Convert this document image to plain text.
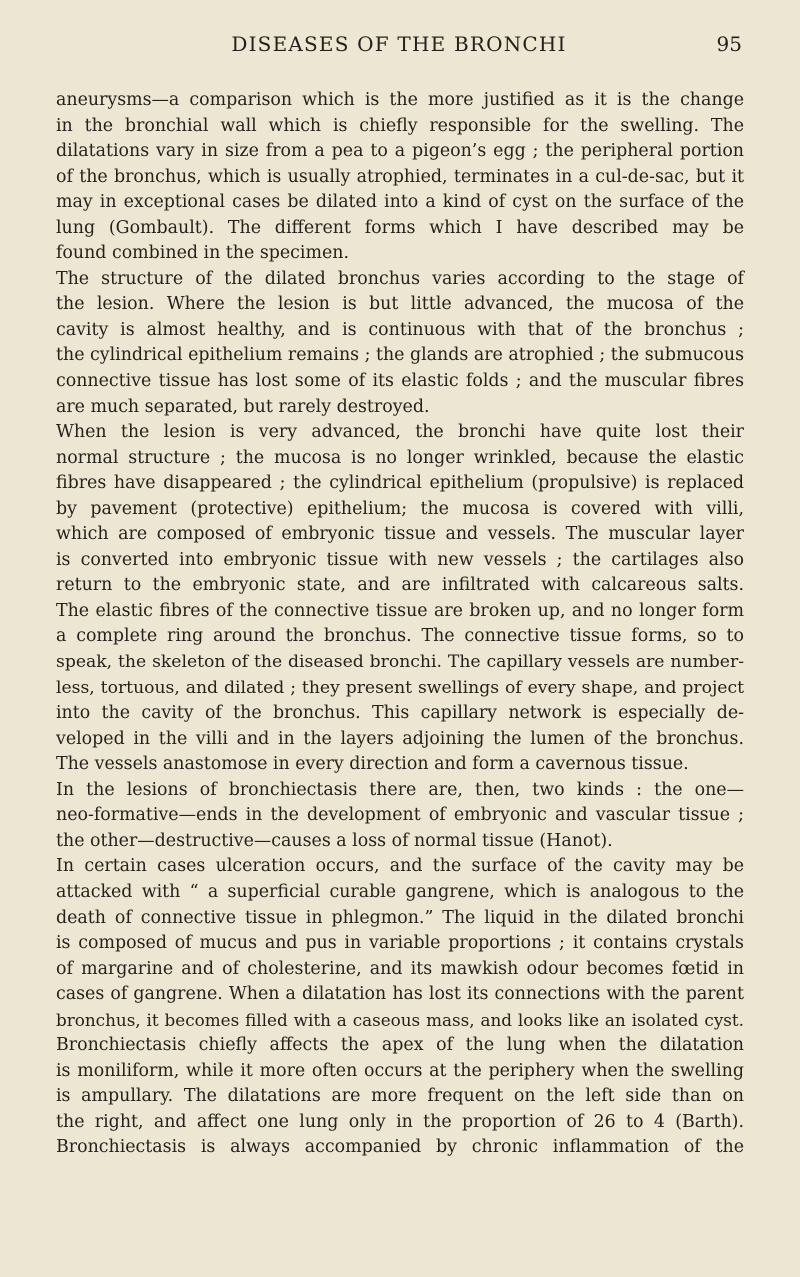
DISEASES OF THE BRONCHI	95
aneurysms—a comparison which is the more justified as it is the change
in the bronchial wall which is chiefly responsible for the swelling. The
dilatations vary in size from a pea to a pigeon’s egg ; the peripheral portion
of the bronchus, which is usually atrophied, terminates in a cul-de-sac, but it
may in exceptional cases be dilated into a kind of cyst on the surface of the
lung (Gombault). The different forms which I have described may be
found combined in the specimen.
The structure of the dilated bronchus varies according to the stage of
the lesion. Where the lesion is but little advanced, the mucosa of the
cavity is almost healthy, and is continuous with that of the bronchus ;
the cylindrical epithelium remains ; the glands are atrophied ; the submucous
connective tissue has lost some of its elastic folds ; and the muscular fibres
are much separated, but rarely destroyed.
When the lesion is very advanced, the bronchi have quite lost their
normal structure ; the mucosa is no longer wrinkled, because the elastic
fibres have disappeared ; the cylindrical epithelium (propulsive) is replaced
by pavement (protective) epithelium; the mucosa is covered with villi,
which are composed of embryonic tissue and vessels. The muscular layer
is converted into embryonic tissue with new vessels ; the cartilages also
return to the embryonic state, and are infiltrated with calcareous salts.
The elastic fibres of the connective tissue are broken up, and no longer form
a complete ring around the bronchus. The connective tissue forms, so to
speak, the skeleton of the diseased bronchi. The capillary vessels are number-
less, tortuous, and dilated ; they present swellings of every shape, and project
into the cavity of the bronchus. This capillary network is especially de-
veloped in the villi and in the layers adjoining the lumen of the bronchus.
The vessels anastomose in every direction and form a cavernous tissue.
In the lesions of bronchiectasis there are, then, two kinds : the one—
neo-formative—ends in the development of embryonic and vascular tissue ;
the other—destructive—causes a loss of normal tissue (Hanot).
In certain cases ulceration occurs, and the surface of the cavity may be
attacked with “ a superficial curable gangrene, which is analogous to the
death of connective tissue in phlegmon.” The liquid in the dilated bronchi
is composed of mucus and pus in variable proportions ; it contains crystals
of margarine and of cholesterine, and its mawkish odour becomes fœtid in
cases of gangrene. When a dilatation has lost its connections with the parent
bronchus, it becomes filled with a caseous mass, and looks like an isolated cyst.
Bronchiectasis chiefly affects the apex of the lung when the dilatation
is moniliform, while it more often occurs at the periphery when the swelling
is ampullary. The dilatations are more frequent on the left side than on
the right, and affect one lung only in the proportion of 26 to 4 (Barth).
Bronchiectasis is always accompanied by chronic inflammation of the
